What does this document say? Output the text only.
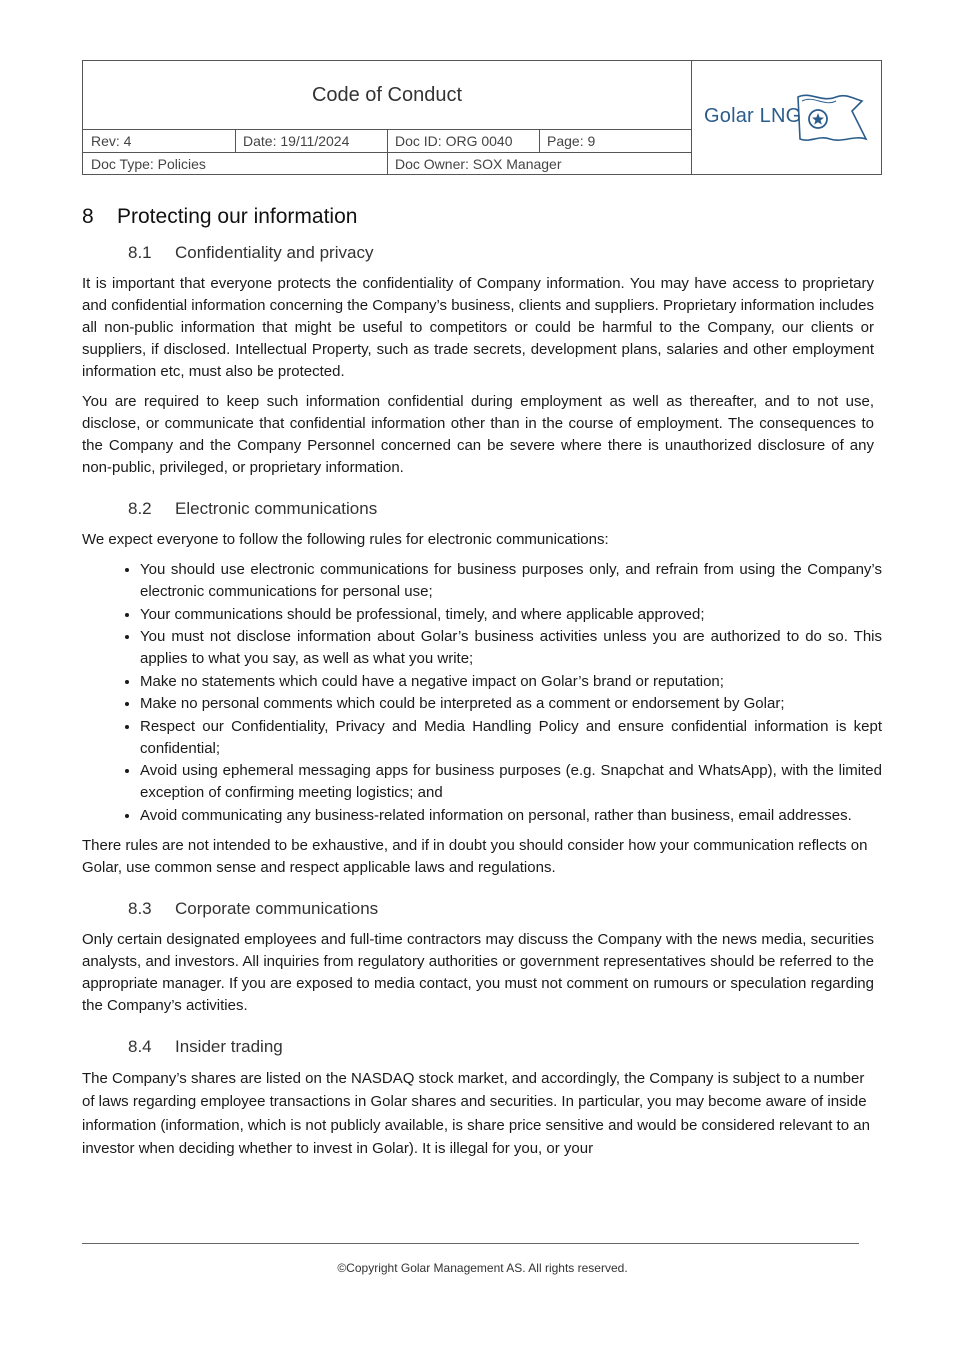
Code of Conduct
Rev: 4	Date: 19/11/2024	Doc ID: ORG 0040	Page: 9
Doc Type: Policies	Doc Owner: SOX Manager
Golar LNG
8	Protecting our information
8.1	Confidentiality and privacy

It is important that everyone protects the confidentiality of Company information. You may have access to proprietary and confidential information concerning the Company’s business, clients and suppliers. Proprietary information includes all non-public information that might be useful to competitors or could be harmful to the Company, our clients or suppliers, if disclosed. Intellectual Property, such as trade secrets, development plans, salaries and other employment information etc, must also be protected.

You are required to keep such information confidential during employment as well as thereafter, and to not use, disclose, or communicate that confidential information other than in the course of employment. The consequences to the Company and the Company Personnel concerned can be severe where there is unauthorized disclosure of any non-public, privileged, or proprietary information.

8.2	Electronic communications

We expect everyone to follow the following rules for electronic communications:

• You should use electronic communications for business purposes only, and refrain from using the Company’s electronic communications for personal use;
• Your communications should be professional, timely, and where applicable approved;
• You must not disclose information about Golar’s business activities unless you are authorized to do so. This applies to what you say, as well as what you write;
• Make no statements which could have a negative impact on Golar’s brand or reputation;
• Make no personal comments which could be interpreted as a comment or endorsement by Golar;
• Respect our Confidentiality, Privacy and Media Handling Policy and ensure confidential information is kept confidential;
• Avoid using ephemeral messaging apps for business purposes (e.g. Snapchat and WhatsApp), with the limited exception of confirming meeting logistics; and
• Avoid communicating any business-related information on personal, rather than business, email addresses.

There rules are not intended to be exhaustive, and if in doubt you should consider how your communication reflects on Golar, use common sense and respect applicable laws and regulations.

8.3	Corporate communications

Only certain designated employees and full-time contractors may discuss the Company with the news media, securities analysts, and investors. All inquiries from regulatory authorities or government representatives should be referred to the appropriate manager. If you are exposed to media contact, you must not comment on rumours or speculation regarding the Company’s activities.

8.4	Insider trading

The Company’s shares are listed on the NASDAQ stock market, and accordingly, the Company is subject to a number of laws regarding employee transactions in Golar shares and securities. In particular, you may become aware of inside information (information, which is not publicly available, is share price sensitive and would be considered relevant to an investor when deciding whether to invest in Golar). It is illegal for you, or your

©Copyright Golar Management AS. All rights reserved.
